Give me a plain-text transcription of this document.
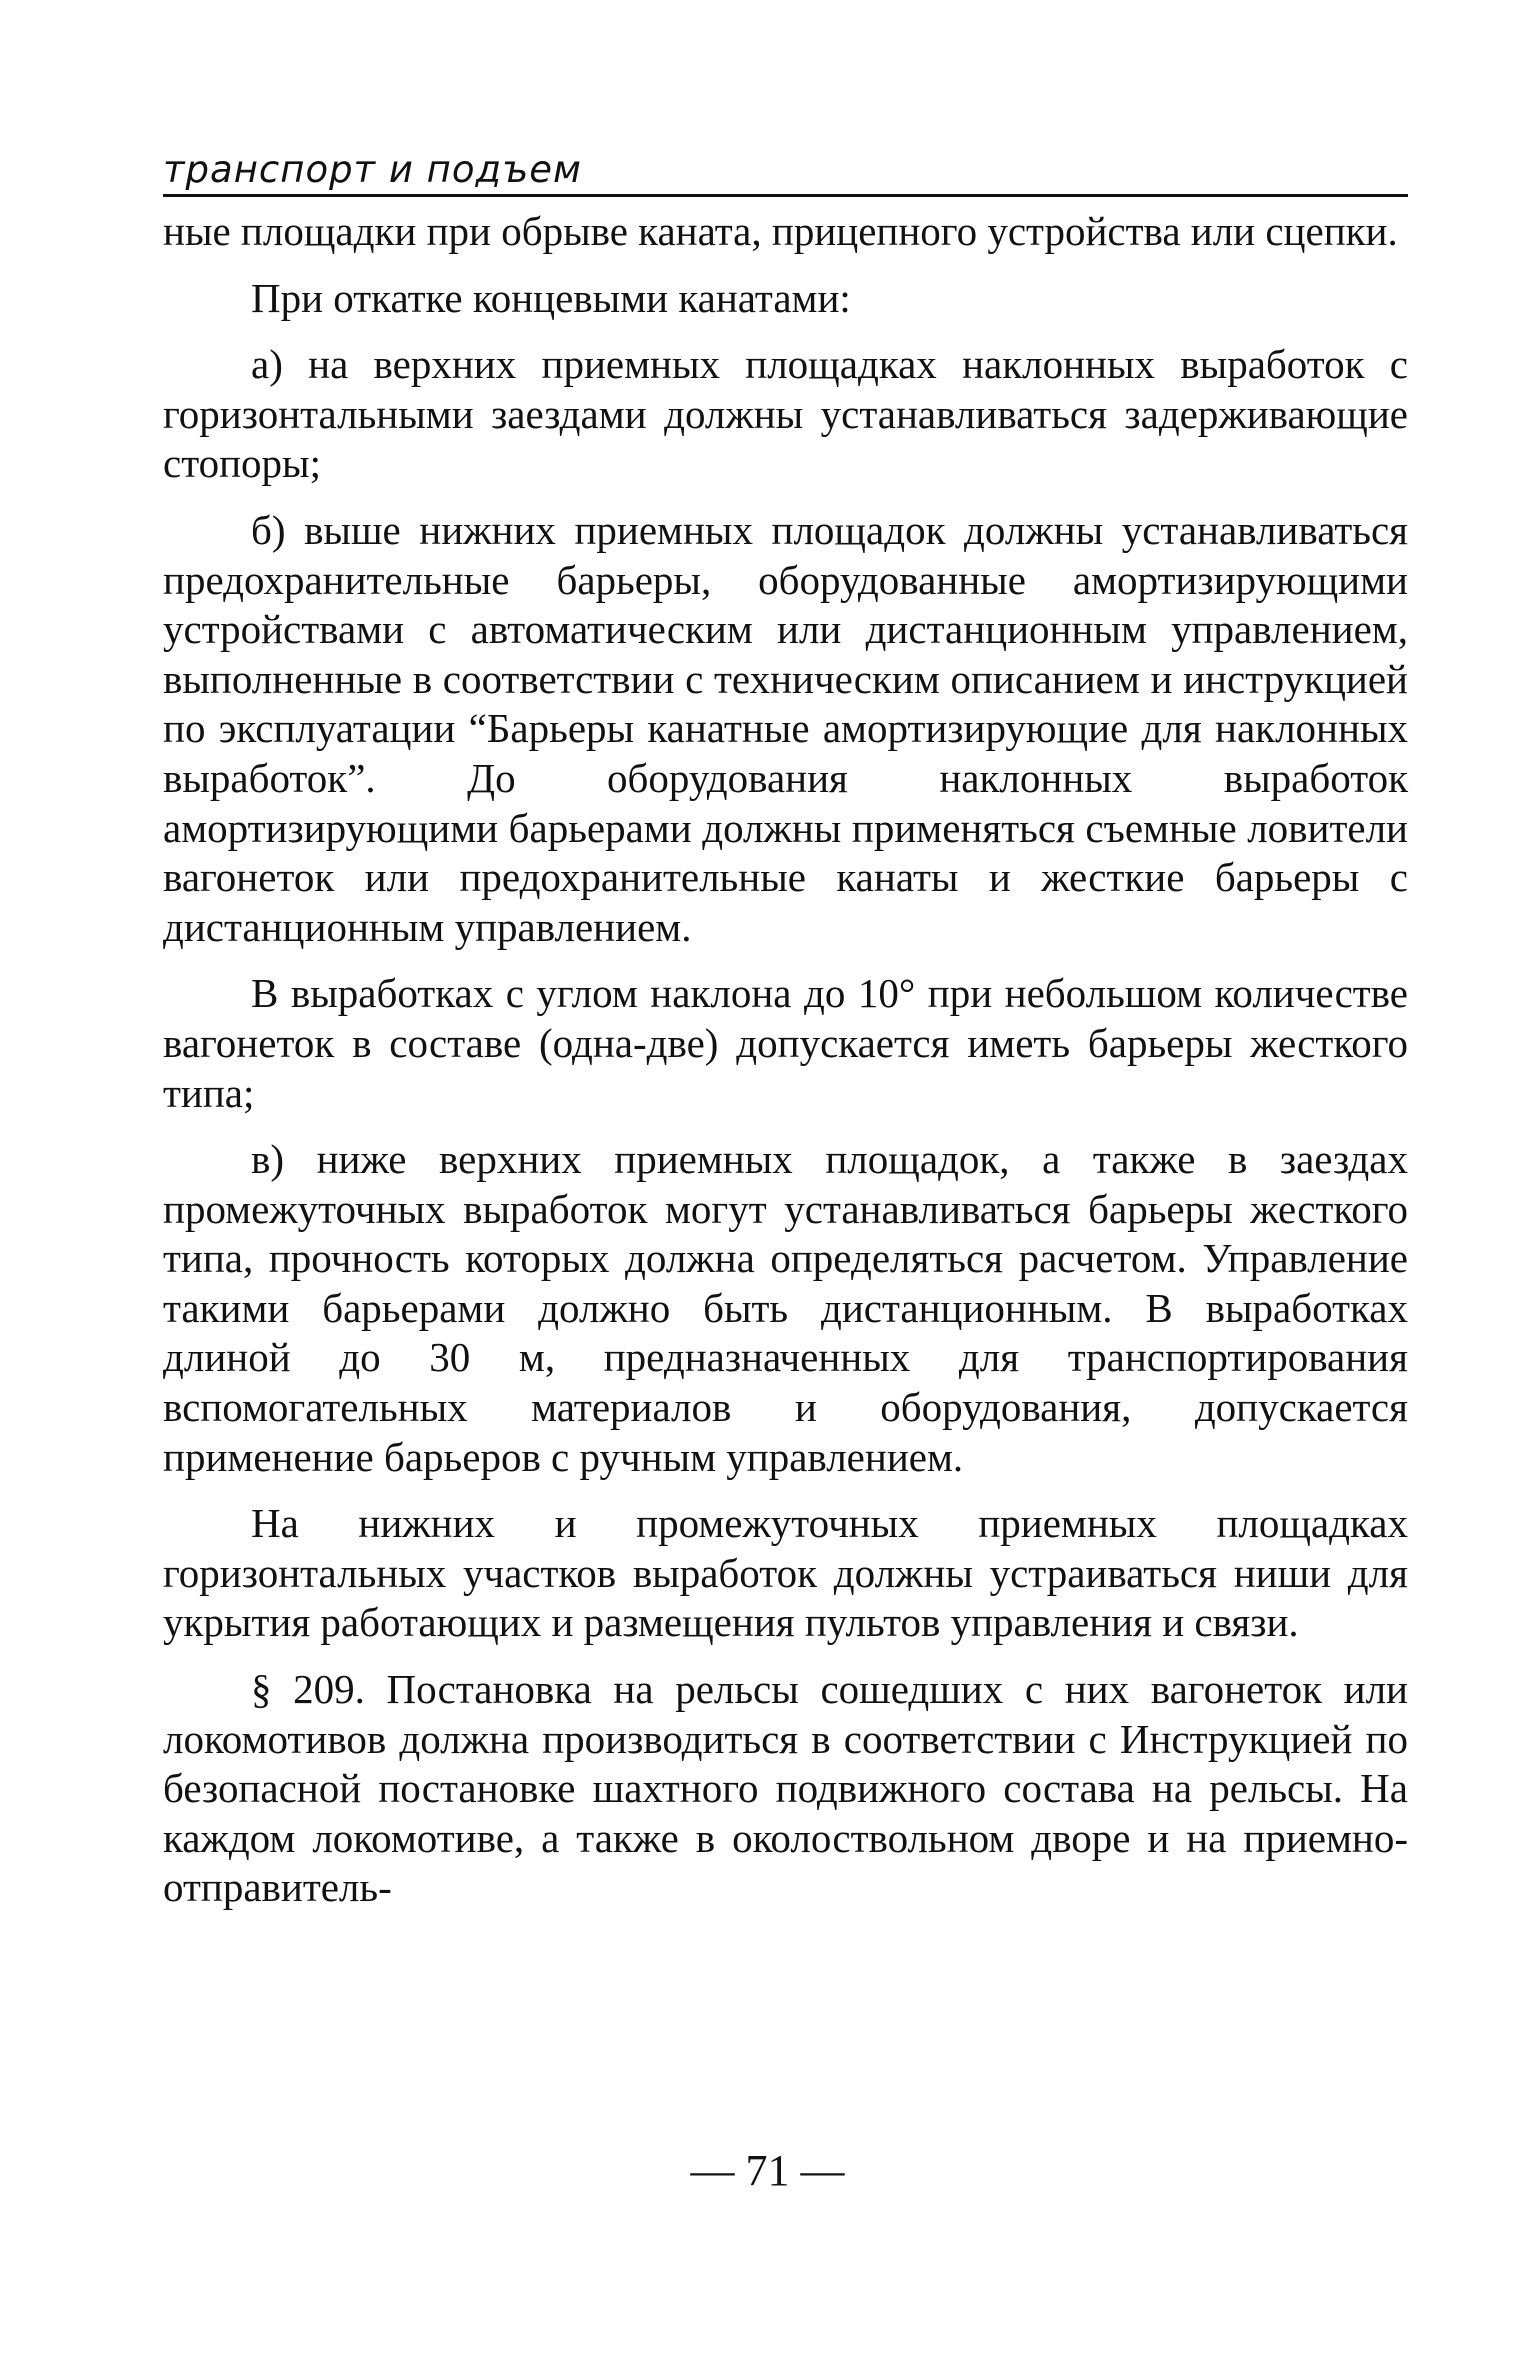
транспорт и подъем

ные площадки при обрыве каната, прицепного устройства или сцепки.

При откатке концевыми канатами:

а) на верхних приемных площадках наклонных выработок с горизонтальными заездами должны устанавливаться задерживающие стопоры;

б) выше нижних приемных площадок должны устанавливаться предохранительные барьеры, оборудованные амортизирующими устройствами с автоматическим или дистанционным управлением, выполненные в соответствии с техническим описанием и инструкцией по эксплуатации “Барьеры канатные амортизирующие для наклонных выработок”. До оборудования наклонных выработок амортизирующими барьерами должны применяться съемные ловители вагонеток или предохранительные канаты и жесткие барьеры с дистанционным управлением.

В выработках с углом наклона до 10° при небольшом количестве вагонеток в составе (одна-две) допускается иметь барьеры жесткого типа;

в) ниже верхних приемных площадок, а также в заездах промежуточных выработок могут устанавливаться барьеры жесткого типа, прочность которых должна определяться расчетом. Управление такими барьерами должно быть дистанционным. В выработках длиной до 30 м, предназначенных для транспортирования вспомогательных материалов и оборудования, допускается применение барьеров с ручным управлением.

На нижних и промежуточных приемных площадках горизонтальных участков выработок должны устраиваться ниши для укрытия работающих и размещения пультов управления и связи.

§ 209. Постановка на рельсы сошедших с них вагонеток или локомотивов должна производиться в соответствии с Инструкцией по безопасной постановке шахтного подвижного состава на рельсы. На каждом локомотиве, а также в околоствольном дворе и на приемно-отправитель-

— 71 —
